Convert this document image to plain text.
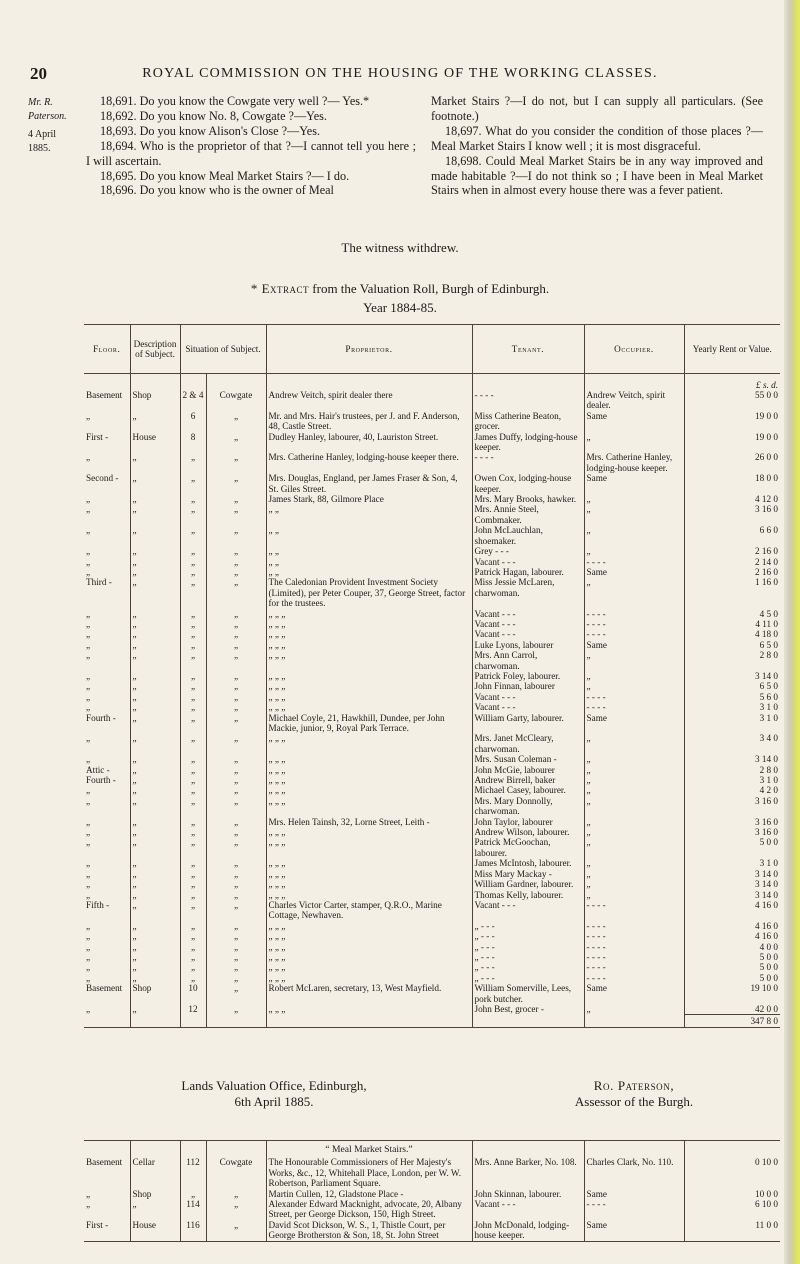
20	ROYAL COMMISSION ON THE HOUSING OF THE WORKING CLASSES.
Mr. R. Paterson.
4 April 1885.

18,691. Do you know the Cowgate very well ?— Yes.*

18,692. Do you know No. 8, Cowgate ?—Yes.

18,693. Do you know Alison's Close ?—Yes.

18,694. Who is the proprietor of that ?—I cannot tell you here ; I will ascertain.

18,695. Do you know Meal Market Stairs ?— I do.

18,696. Do you know who is the owner of Meal

Market Stairs ?—I do not, but I can supply all particulars. (See footnote.)

18,697. What do you consider the condition of those places ?—Meal Market Stairs I know well ; it is most disgraceful.

18,698. Could Meal Market Stairs be in any way improved and made habitable ?—I do not think so ; I have been in Meal Market Stairs when in almost every house there was a fever patient.

The witness withdrew.
* Extract from the Valuation Roll, Burgh of Edinburgh.
Year 1884-85.
Floor.	Description of Subject.	Situation of Subject.		Proprietor.	Tenant.	Occupier.	Yearly Rent or Value.
							£ s. d.
Basement	Shop	2 & 4	Cowgate	Andrew Veitch, spirit dealer there	- - - -	Andrew Veitch, spirit dealer.	55 0 0
„	„	6	„	Mr. and Mrs. Hair's trustees, per J. and F. Anderson, 48, Castle Street.	Miss Catherine Beaton, grocer.	Same	19 0 0
First -	House	8	„	Dudley Hanley, labourer, 40, Lauriston Street.	James Duffy, lodging-house keeper.	„	19 0 0
„	„	„	„	Mrs. Catherine Hanley, lodging-house keeper there.	- - - -	Mrs. Catherine Hanley, lodging-house keeper.	26 0 0
Second -	„	„	„	Mrs. Douglas, England, per James Fraser & Son, 4, St. Giles Street.	Owen Cox, lodging-house keeper.	Same	18 0 0
„	„	„	„	James Stark, 88, Gilmore Place	Mrs. Mary Brooks, hawker.	„	4 12 0
„	„	„	„	„ „	Mrs. Annie Steel, Combmaker.	„	3 16 0
„	„	„	„	„ „	John McLauchlan, shoemaker.	„	6 6 0
„	„	„	„	„ „	Grey - - -	„	2 16 0
„	„	„	„	„ „	Vacant - - -	- - - -	2 14 0
„	„	„	„	„ „	Patrick Hagan, labourer.	Same	2 16 0
Third -	„	„	„	The Caledonian Provident Investment Society (Limited), per Peter Couper, 37, George Street, factor for the trustees.	Miss Jessie McLaren, charwoman.	„	1 16 0
„	„	„	„	„ „ „	Vacant - - -	- - - -	4 5 0
„	„	„	„	„ „ „	Vacant - - -	- - - -	4 11 0
„	„	„	„	„ „ „	Vacant - - -	- - - -	4 18 0
„	„	„	„	„ „ „	Luke Lyons, labourer	Same	6 5 0
„	„	„	„	„ „ „	Mrs. Ann Carrol, charwoman.	„	2 8 0
„	„	„	„	„ „ „	Patrick Foley, labourer.	„	3 14 0
„	„	„	„	„ „ „	John Finnan, labourer	„	6 5 0
„	„	„	„	„ „ „	Vacant - - -	- - - -	5 6 0
„	„	„	„	„ „ „	Vacant - - -	- - - -	3 1 0
Fourth -	„	„	„	Michael Coyle, 21, Hawkhill, Dundee, per John Mackie, junior, 9, Royal Park Terrace.	William Garty, labourer.	Same	3 1 0
„	„	„	„	„ „ „	Mrs. Janet McCleary, charwoman.	„	3 4 0
„	„	„	„	„ „ „	Mrs. Susan Coleman -	„	3 14 0
Attic -	„	„	„	„ „ „	John McGie, labourer	„	2 8 0
Fourth -	„	„	„	„ „ „	Andrew Birrell, baker	„	3 1 0
„	„	„	„	„ „ „	Michael Casey, labourer.	„	4 2 0
„	„	„	„	„ „ „	Mrs. Mary Donnolly, charwoman.	„	3 16 0
„	„	„	„	Mrs. Helen Tainsh, 32, Lorne Street, Leith -	John Taylor, labourer	„	3 16 0
„	„	„	„	„ „ „	Andrew Wilson, labourer.	„	3 16 0
„	„	„	„	„ „ „	Patrick McGoochan, labourer.	„	5 0 0
„	„	„	„	„ „ „	James McIntosh, labourer.	„	3 1 0
„	„	„	„	„ „ „	Miss Mary Mackay -	„	3 14 0
„	„	„	„	„ „ „	William Gardner, labourer.	„	3 14 0
„	„	„	„	„ „ „	Thomas Kelly, labourer.	„	3 14 0
Fifth -	„	„	„	Charles Victor Carter, stamper, Q.R.O., Marine Cottage, Newhaven.	Vacant - - -	- - - -	4 16 0
„	„	„	„	„ „ „	„ - - -	- - - -	4 16 0
„	„	„	„	„ „ „	„ - - -	- - - -	4 16 0
„	„	„	„	„ „ „	„ - - -	- - - -	4 0 0
„	„	„	„	„ „ „	„ - - -	- - - -	5 0 0
„	„	„	„	„ „ „	„ - - -	- - - -	5 0 0
„	„	„	„	„ „ „	„ - - -	- - - -	5 0 0
Basement	Shop	10	„	Robert McLaren, secretary, 13, West Mayfield.	William Somerville, Lees, pork butcher.	Same	19 10 0
„	„	12	„	„ „ „	John Best, grocer -	„	42 0 0
							347 8 0
Lands Valuation Office, Edinburgh,
6th April 1885.
Ro. Paterson,
Assessor of the Burgh.
				“ Meal Market Stairs.”			
Basement	Cellar	112	Cowgate	The Honourable Commissioners of Her Majesty's Works, &c., 12, Whitehall Place, London, per W. W. Robertson, Parliament Square.	Mrs. Anne Barker, No. 108.	Charles Clark, No. 110.	0 10 0
„	Shop	„	„	Martin Cullen, 12, Gladstone Place -	John Skinnan, labourer.	Same	10 0 0
„	„	114	„	Alexander Edward Macknight, advocate, 20, Albany Street, per George Dickson, 150, High Street.	Vacant - - -	- - - -	6 10 0
First -	House	116	„	David Scot Dickson, W. S., 1, Thistle Court, per George Brotherston & Son, 18, St. John Street	John McDonald, lodging-house keeper.	Same	11 0 0
